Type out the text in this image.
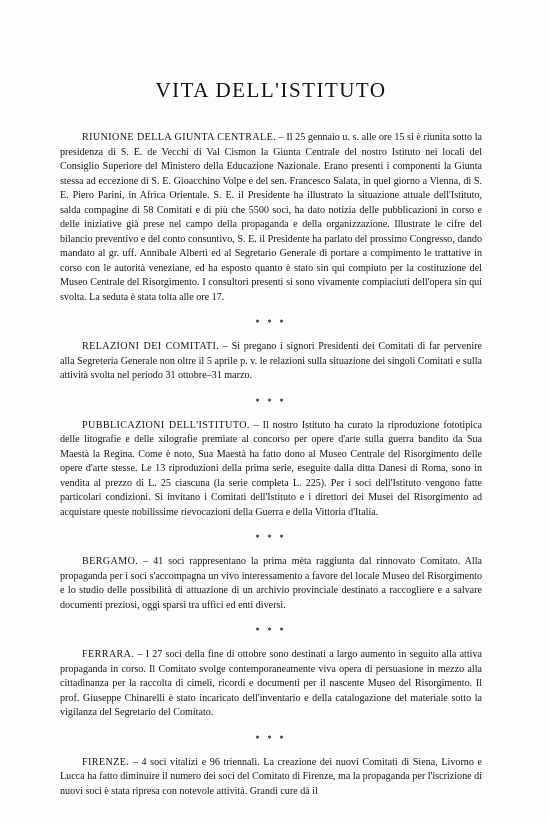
VITA DELL'ISTITUTO

RIUNIONE DELLA GIUNTA CENTRALE. – Il 25 gennaio u. s. alle ore 15 si è riunita sotto la presidenza di S. E. de Vecchi di Val Cismon la Giunta Centrale del nostro Istituto nei locali del Consiglio Superiore del Ministero della Educazione Nazionale. Erano presenti i componenti la Giunta stessa ad eccezione di S. E. Gioacchino Volpe e del sen. Francesco Salata, in quel giorno a Vienna, di S. E. Piero Parini, in Africa Orientale. S. E. il Presidente ha illustrato la situazione attuale dell'Istituto, salda compagine di 58 Comitati e di più che 5500 soci, ha dato notizia delle pubblicazioni in corso e delle iniziative già prese nel campo della propaganda e della organizzazione. Illustrate le cifre del bilancio preventivo e del conto consuntivo, S. E. il Presidente ha parlato del prossimo Congresso, dando mandato al gr. uff. Annibale Alberti ed al Segretario Generale di portare a compimento le trattative in corso con le autorità veneziane, ed ha esposto quanto è stato sin qui compiuto per la costituzione del Museo Centrale del Risorgimento. I consultori presenti si sono vivamente compiaciuti dell'opera sin qui svolta. La seduta è stata tolta alle ore 17.

* * *

RELAZIONI DEI COMITATI. – Si pregano i signori Presidenti dei Comitati di far pervenire alla Segreteria Generale non oltre il 5 aprile p. v. le relazioni sulla situazione dei singoli Comitati e sulla attività svolta nel periodo 31 ottobre–31 marzo.

* * *

PUBBLICAZIONI DELL'ISTITUTO. – Il nostro Istituto ha curato la riproduzione fototipica delle litografie e delle xilografie premiate al concorso per opere d'arte sulla guerra bandito da Sua Maestà la Regina. Come è noto, Sua Maestà ha fatto dono al Museo Centrale del Risorgimento delle opere d'arte stesse. Le 13 riproduzioni della prima serie, eseguite dalla ditta Danesi di Roma, sono in vendita al prezzo di L. 25 ciascuna (la serie completa L. 225). Per i soci dell'Istituto vengono fatte particolari condizioni. Si invitano i Comitati dell'Istituto e i direttori dei Musei del Risorgimento ad acquistare queste nobilissime rievocazioni della Guerra e della Vittoria d'Italia.

* * *

BERGAMO. – 41 soci rappresentano la prima mèta raggiunta dal rinnovato Comitato. Alla propaganda per i soci s'accompagna un vivo interessamento a favore del locale Museo del Risorgimento e lo studio delle possibilità di attuazione di un archivio provinciale destinato a raccogliere e a salvare documenti preziosi, oggi sparsi tra uffici ed enti diversi.

* * *

FERRARA. – I 27 soci della fine di ottobre sono destinati a largo aumento in seguito alla attiva propaganda in corso. Il Comitato svolge contemporaneamente viva opera di persuasione in mezzo alla cittadinanza per la raccolta di cimeli, ricordi e documenti per il nascente Museo del Risorgimento. Il prof. Giuseppe Chinarelli è stato incaricato dell'inventario e della catalogazione del materiale sotto la vigilanza del Segretario del Comitato.

* * *

FIRENZE. – 4 soci vitalizi e 96 triennali. La creazione dei nuovi Comitati di Siena, Livorno e Lucca ha fatto diminuire il numero dei soci del Comitato di Firenze, ma la propaganda per l'iscrizione di nuovi soci è stata ripresa con notevole attività. Grandi cure dà il
